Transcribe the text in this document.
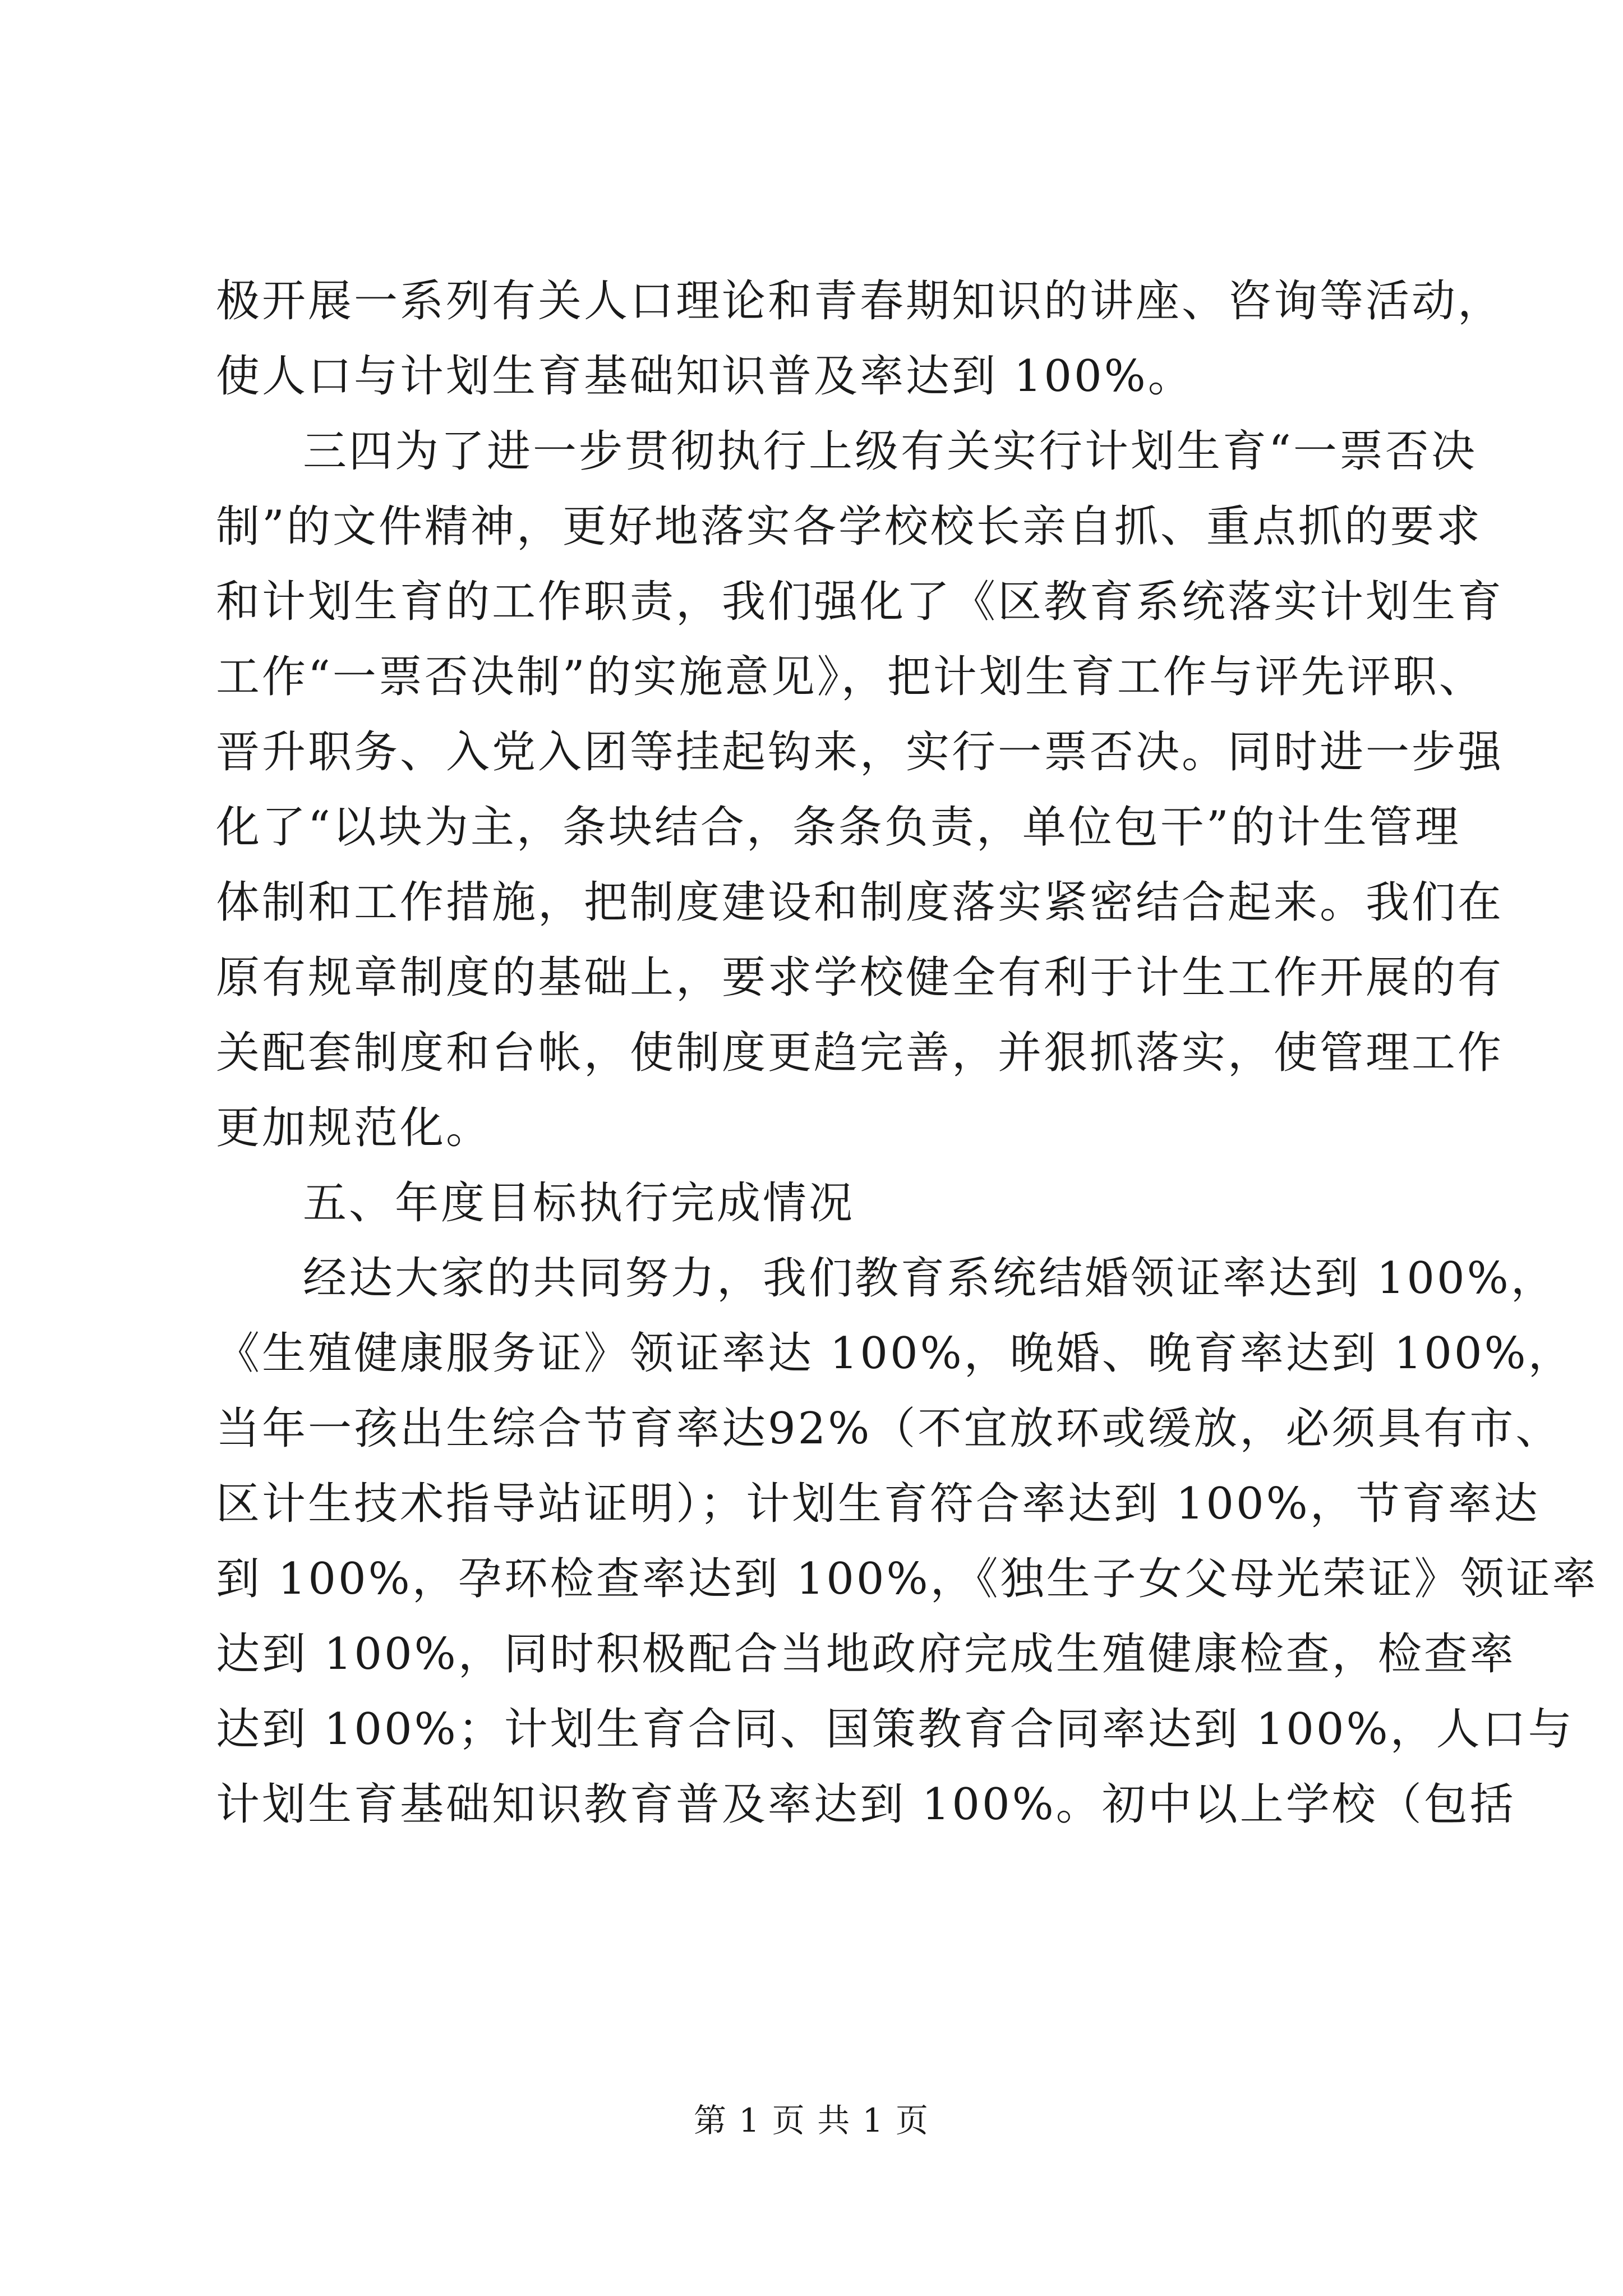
极开展一系列有关人口理论和青春期知识的讲座、咨询等活动，
使人口与计划生育基础知识普及率达到 100%。
三四为了进一步贯彻执行上级有关实行计划生育“一票否决
制”的文件精神，更好地落实各学校校长亲自抓、重点抓的要求
和计划生育的工作职责，我们强化了《区教育系统落实计划生育
工作“一票否决制”的实施意见》，把计划生育工作与评先评职、
晋升职务、入党入团等挂起钩来，实行一票否决。同时进一步强
化了“以块为主，条块结合，条条负责，单位包干”的计生管理
体制和工作措施，把制度建设和制度落实紧密结合起来。我们在
原有规章制度的基础上，要求学校健全有利于计生工作开展的有
关配套制度和台帐，使制度更趋完善，并狠抓落实，使管理工作
更加规范化。
五、年度目标执行完成情况
经达大家的共同努力，我们教育系统结婚领证率达到 100%，
《生殖健康服务证》领证率达 100%，晚婚、晚育率达到 100%，
当年一孩出生综合节育率达92%（不宜放环或缓放，必须具有市、
区计生技术指导站证明）；计划生育符合率达到 100%，节育率达
到 100%，孕环检查率达到 100%，《独生子女父母光荣证》领证率
达到 100%，同时积极配合当地政府完成生殖健康检查，检查率
达到 100%；计划生育合同、国策教育合同率达到 100%，人口与
计划生育基础知识教育普及率达到 100%。初中以上学校（包括
第 1 页 共 1 页
